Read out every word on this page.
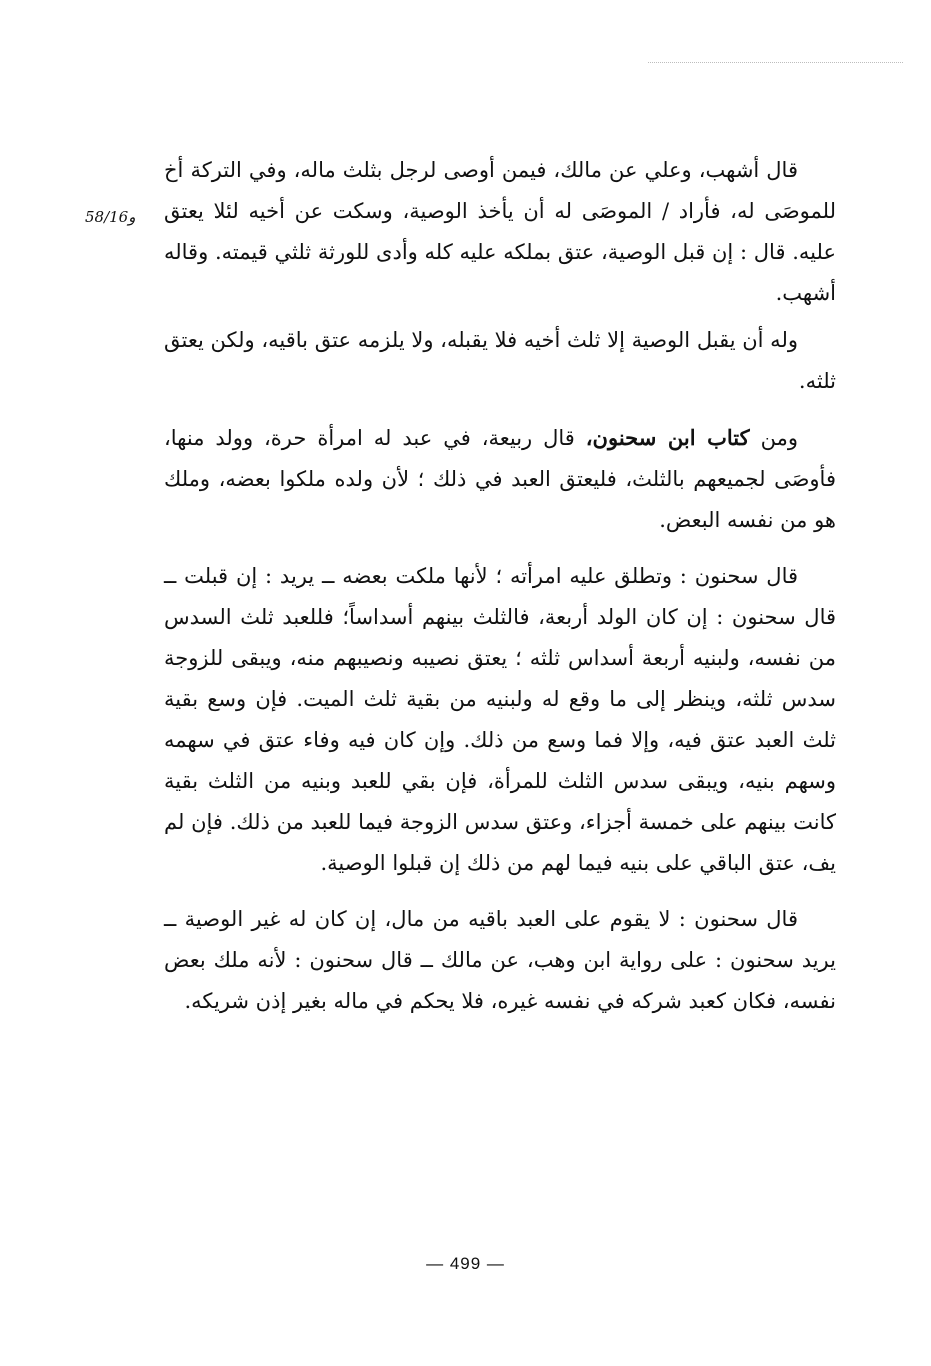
58/16و

قال أشهب، وعلي عن مالك، فيمن أوصى لرجل بثلث ماله، وفي التركة أخ للموصَى له، فأراد / الموصَى له أن يأخذ الوصية، وسكت عن أخيه لئلا يعتق عليه. قال : إن قبل الوصية، عتق بملكه عليه كله وأدى للورثة ثلثي قيمته. وقاله أشهب.

وله أن يقبل الوصية إلا ثلث أخيه فلا يقبله، ولا يلزمه عتق باقيه، ولكن يعتق ثلثه.

ومن كتاب ابن سحنون، قال ربيعة، في عبد له امرأة حرة، وولد منها، فأوصَى لجميعهم بالثلث، فليعتق العبد في ذلك ؛ لأن ولده ملكوا بعضه، وملك هو من نفسه البعض.

قال سحنون : وتطلق عليه امرأته ؛ لأنها ملكت بعضه ــ يريد : إن قبلت ــ قال سحنون : إن كان الولد أربعة، فالثلث بينهم أسداساً؛ فللعبد ثلث السدس من نفسه، ولبنيه أربعة أسداس ثلثه ؛ يعتق نصيبه ونصيبهم منه، ويبقى للزوجة سدس ثلثه، وينظر إلى ما وقع له ولبنيه من بقية ثلث الميت. فإن وسع بقية ثلث العبد عتق فيه، وإلا فما وسع من ذلك. وإن كان فيه وفاء عتق في سهمه وسهم بنيه، ويبقى سدس الثلث للمرأة، فإن بقي للعبد وبنيه من الثلث بقية كانت بينهم على خمسة أجزاء، وعتق سدس الزوجة فيما للعبد من ذلك. فإن لم يف، عتق الباقي على بنيه فيما لهم من ذلك إن قبلوا الوصية.

قال سحنون : لا يقوم على العبد باقيه من مال، إن كان له غير الوصية ــ يريد سحنون : على رواية ابن وهب، عن مالك ــ قال سحنون : لأنه ملك بعض نفسه، فكان كعبد شركه في نفسه غيره، فلا يحكم في ماله بغير إذن شريكه.

— 499 —
